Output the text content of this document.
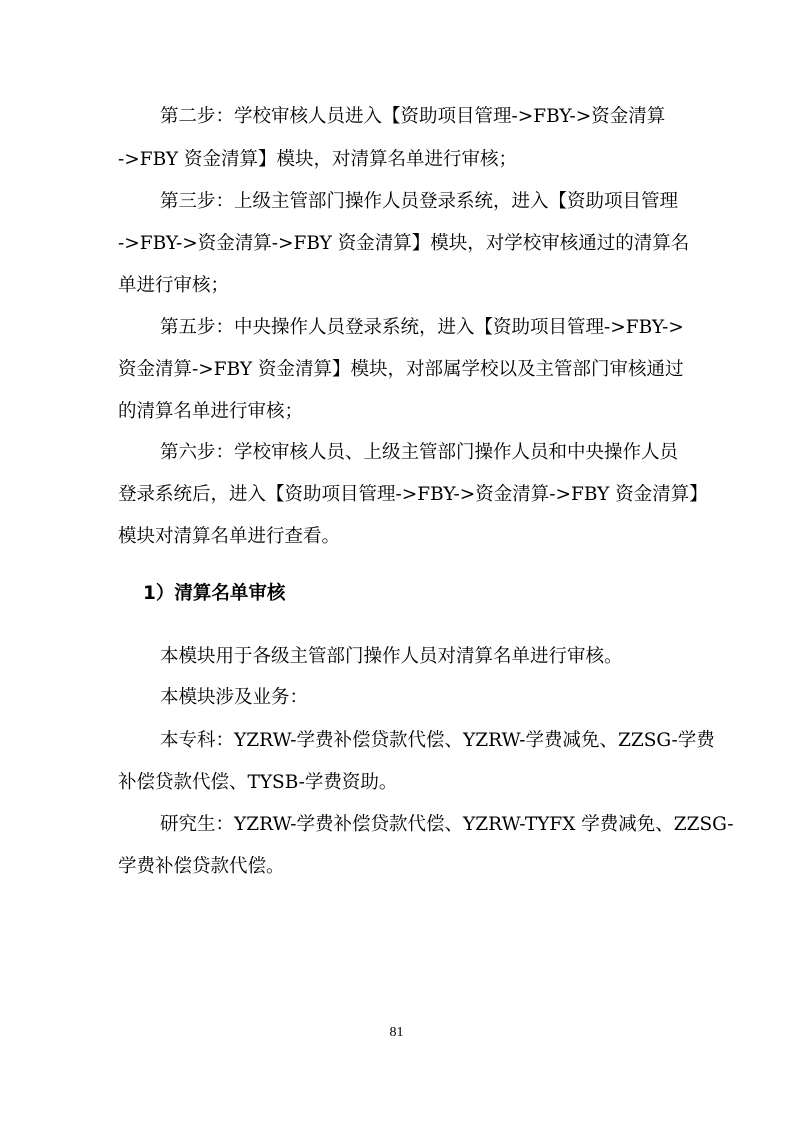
第二步：学校审核人员进入【资助项目管理->FBY->资金清算
->FBY 资金清算】模块，对清算名单进行审核；
第三步：上级主管部门操作人员登录系统，进入【资助项目管理
->FBY->资金清算->FBY 资金清算】模块，对学校审核通过的清算名
单进行审核；
第五步：中央操作人员登录系统，进入【资助项目管理->FBY->
资金清算->FBY 资金清算】模块，对部属学校以及主管部门审核通过
的清算名单进行审核；
第六步：学校审核人员、上级主管部门操作人员和中央操作人员
登录系统后，进入【资助项目管理->FBY->资金清算->FBY 资金清算】
模块对清算名单进行查看。
1）清算名单审核
本模块用于各级主管部门操作人员对清算名单进行审核。
本模块涉及业务：
本专科：YZRW-学费补偿贷款代偿、YZRW-学费减免、ZZSG-学费
补偿贷款代偿、TYSB-学费资助。
研究生：YZRW-学费补偿贷款代偿、YZRW-TYFX 学费减免、ZZSG-
学费补偿贷款代偿。
81
